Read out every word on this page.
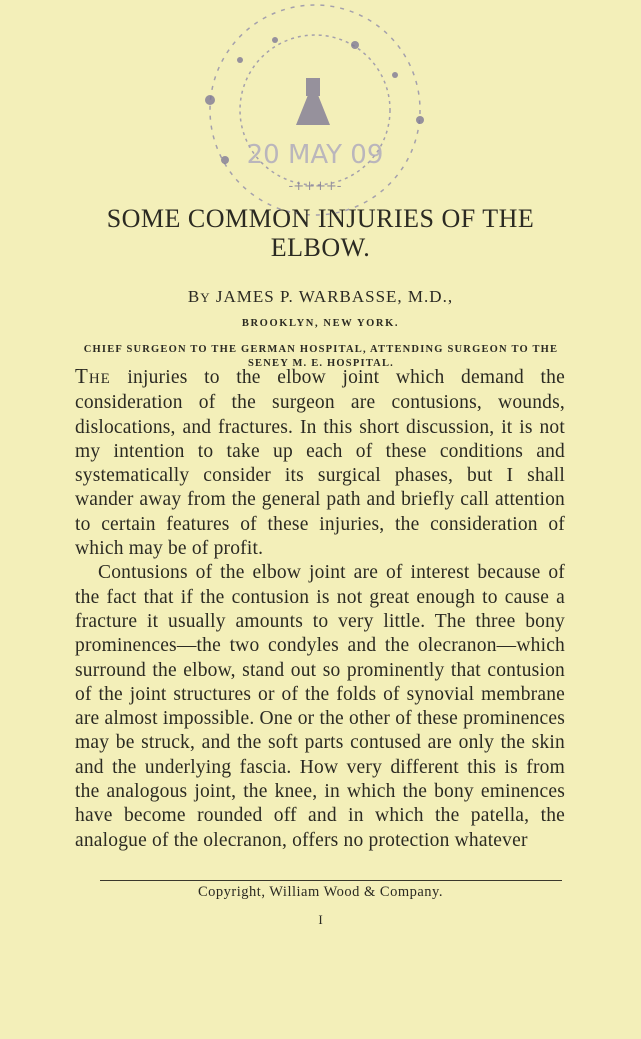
20 MAY 09
-++++-
SOME COMMON INJURIES OF THE
ELBOW.
BY JAMES P. WARBASSE, M.D.,
BROOKLYN, NEW YORK.
CHIEF SURGEON TO THE GERMAN HOSPITAL, ATTENDING SURGEON TO THE SENEY M. E. HOSPITAL.

THE injuries to the elbow joint which demand the consideration of the surgeon are contusions, wounds, dislocations, and fractures. In this short discussion, it is not my intention to take up each of these conditions and systematically consider its surgical phases, but I shall wander away from the general path and briefly call attention to certain features of these injuries, the consideration of which may be of profit.

Contusions of the elbow joint are of interest because of the fact that if the contusion is not great enough to cause a fracture it usually amounts to very little. The three bony prominences—the two condyles and the olecranon—which surround the elbow, stand out so prominently that contusion of the joint structures or of the folds of synovial membrane are almost impossible. One or the other of these prominences may be struck, and the soft parts contused are only the skin and the underlying fascia. How very different this is from the analogous joint, the knee, in which the bony eminences have become rounded off and in which the patella, the analogue of the olecranon, offers no protection whatever

Copyright, William Wood & Company.
I
